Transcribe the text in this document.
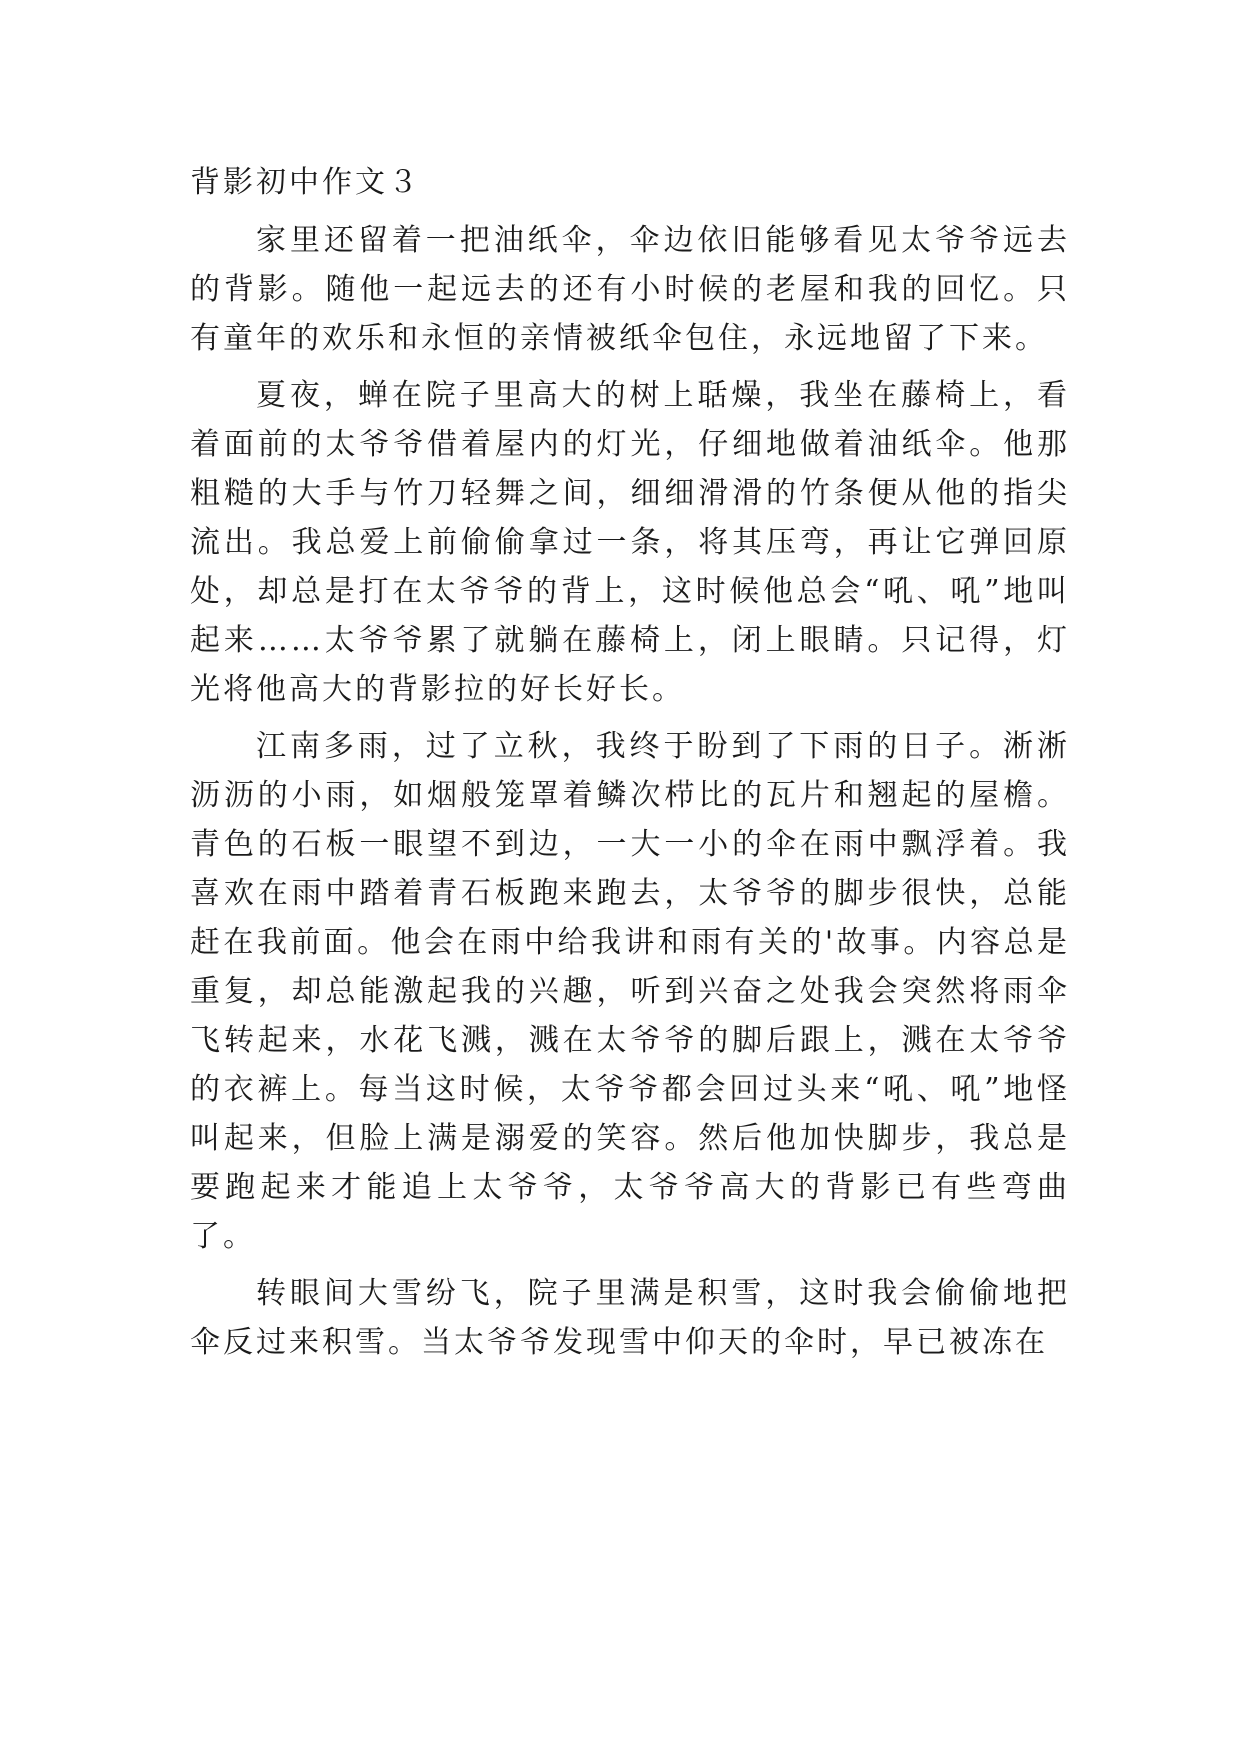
背影初中作文３

家里还留着一把油纸伞，伞边依旧能够看见太爷爷远去的背影。随他一起远去的还有小时候的老屋和我的回忆。只有童年的欢乐和永恒的亲情被纸伞包住，永远地留了下来。

夏夜，蝉在院子里高大的树上聒燥，我坐在藤椅上，看着面前的太爷爷借着屋内的灯光，仔细地做着油纸伞。他那粗糙的大手与竹刀轻舞之间，细细滑滑的竹条便从他的指尖流出。我总爱上前偷偷拿过一条，将其压弯，再让它弹回原处，却总是打在太爷爷的背上，这时候他总会“吼、吼”地叫起来……太爷爷累了就躺在藤椅上，闭上眼睛。只记得，灯光将他高大的背影拉的好长好长。

江南多雨，过了立秋，我终于盼到了下雨的日子。淅淅沥沥的小雨，如烟般笼罩着鳞次栉比的瓦片和翘起的屋檐。青色的石板一眼望不到边，一大一小的伞在雨中飘浮着。我喜欢在雨中踏着青石板跑来跑去，太爷爷的脚步很快，总能赶在我前面。他会在雨中给我讲和雨有关的'故事。内容总是重复，却总能激起我的兴趣，听到兴奋之处我会突然将雨伞飞转起来，水花飞溅，溅在太爷爷的脚后跟上，溅在太爷爷的衣裤上。每当这时候，太爷爷都会回过头来“吼、吼”地怪叫起来，但脸上满是溺爱的笑容。然后他加快脚步，我总是要跑起来才能追上太爷爷，太爷爷高大的背影已有些弯曲了。

转眼间大雪纷飞，院子里满是积雪，这时我会偷偷地把伞反过来积雪。当太爷爷发现雪中仰天的伞时，早已被冻在
